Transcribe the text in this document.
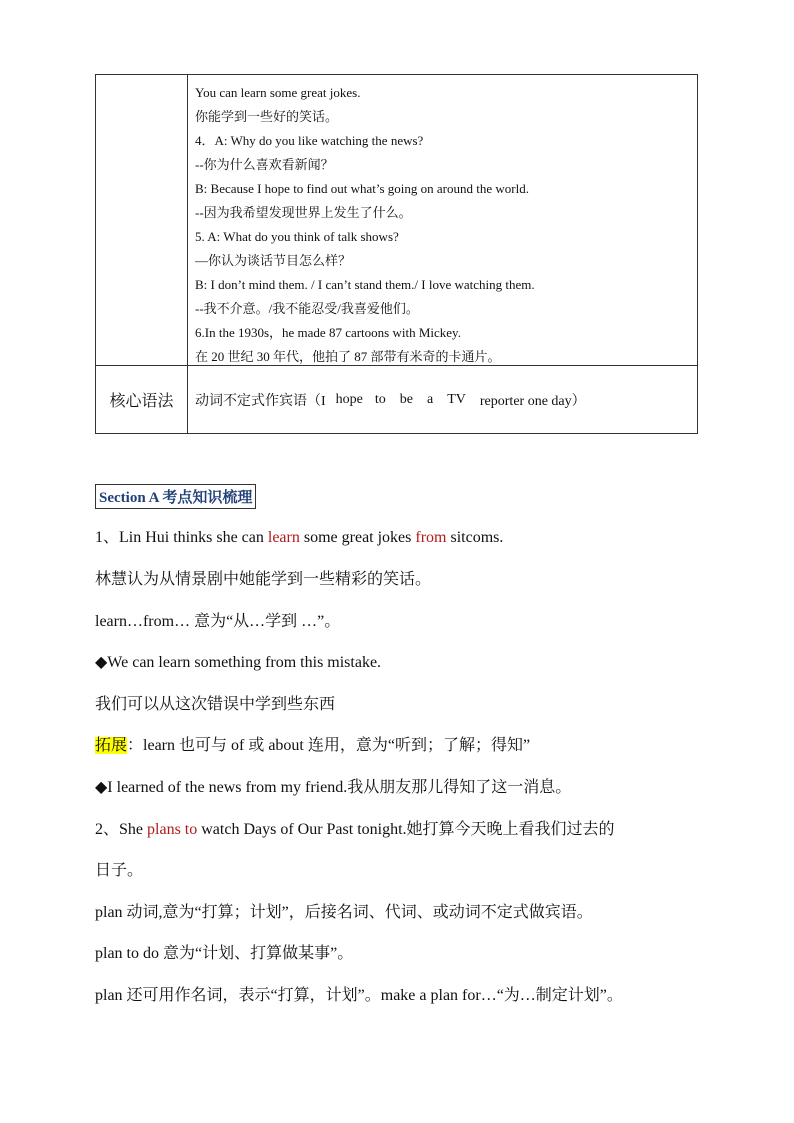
You can learn some great jokes.
你能学到一些好的笑话。
4．A: Why do you like watching the news?
--你为什么喜欢看新闻？
B: Because I hope to find out what’s going on around the world.
--因为我希望发现世界上发生了什么。
5. A: What do you think of talk shows?
—你认为谈话节目怎么样？
B: I don’t mind them. / I can’t stand them./ I love watching them.
--我不介意。/我不能忍受/我喜爱他们。
6.In the 1930s，he made 87 cartoons with Mickey.
在 20 世纪 30 年代，他拍了 87 部带有米奇的卡通片。
核心语法	动词不定式作宾语（I hope to be a TV reporter one day）
Section A 考点知识梳理
1、Lin Hui thinks she can learn some great jokes from sitcoms.
林慧认为从情景剧中她能学到一些精彩的笑话。
learn…from… 意为“从…学到 …”。
◆We can learn something from this mistake.
我们可以从这次错误中学到些东西
拓展：learn 也可与 of 或 about 连用，意为“听到；了解；得知”
◆I learned of the news from my friend.我从朋友那儿得知了这一消息。
2、She plans to watch Days of Our Past tonight.她打算今天晚上看我们过去的
日子。
plan 动词,意为“打算；计划”，后接名词、代词、或动词不定式做宾语。
plan to do 意为“计划、打算做某事”。
plan 还可用作名词，表示“打算，计划”。make a plan for…“为…制定计划”。
